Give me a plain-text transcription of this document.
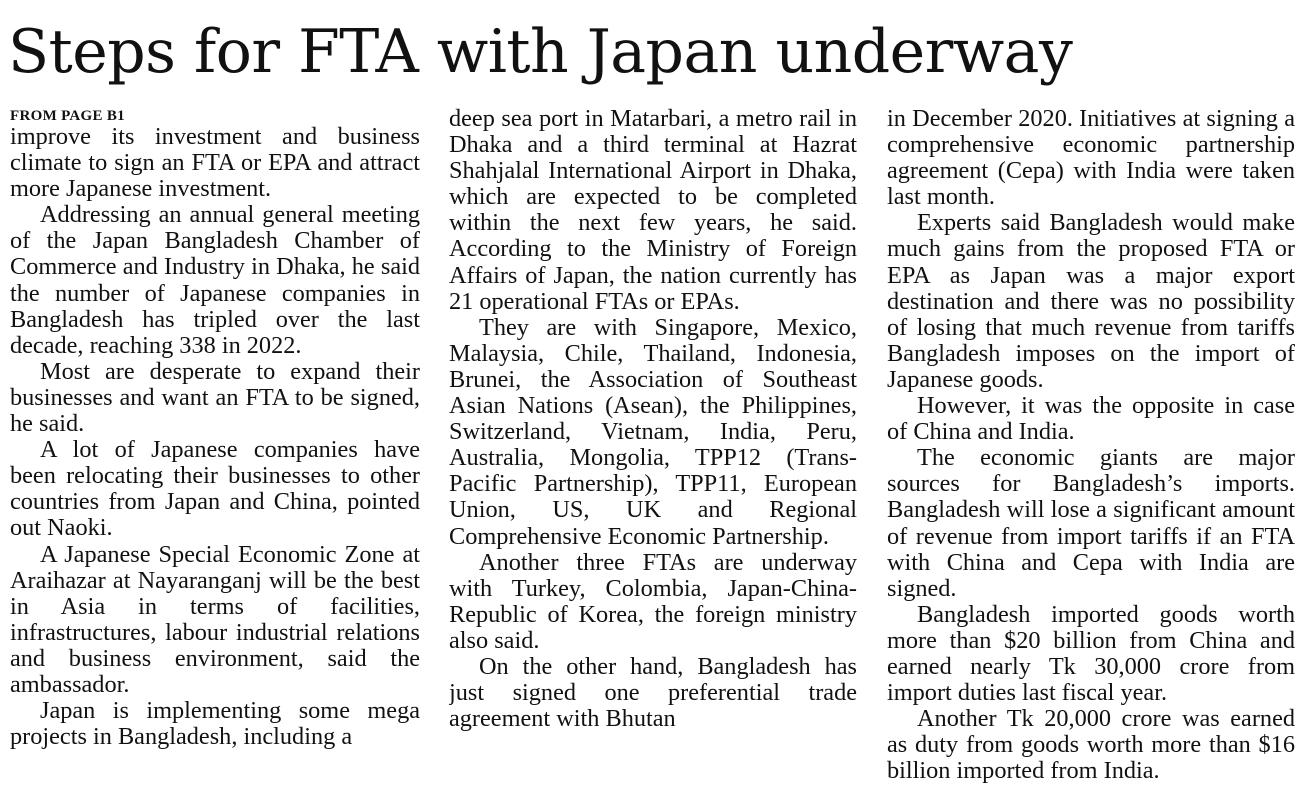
Steps for FTA with Japan underway
FROM PAGE B1

improve its investment and business climate to sign an FTA or EPA and attract more Japanese investment.

Addressing an annual general meeting of the Japan Bangladesh Chamber of Commerce and Industry in Dhaka, he said the number of Japanese companies in Bangladesh has tripled over the last decade, reaching 338 in 2022.

Most are desperate to expand their businesses and want an FTA to be signed, he said.

A lot of Japanese companies have been relocating their businesses to other countries from Japan and China, pointed out Naoki.

A Japanese Special Economic Zone at Araihazar at Nayaranganj will be the best in Asia in terms of facilities, infrastructures, labour industrial relations and business environment, said the ambassador.

Japan is implementing some mega projects in Bangladesh, including a

deep sea port in Matarbari, a metro rail in Dhaka and a third terminal at Hazrat Shahjalal International Airport in Dhaka, which are expected to be completed within the next few years, he said. According to the Ministry of Foreign Affairs of Japan, the nation currently has 21 operational FTAs or EPAs.

They are with Singapore, Mexico, Malaysia, Chile, Thailand, Indonesia, Brunei, the Association of Southeast Asian Nations (Asean), the Philippines, Switzerland, Vietnam, India, Peru, Australia, Mongolia, TPP12 (Trans-Pacific Partnership), TPP11, European Union, US, UK and Regional Comprehensive Economic Partnership.

Another three FTAs are underway with Turkey, Colombia, Japan-China-Republic of Korea, the foreign ministry also said.

On the other hand, Bangladesh has just signed one preferential trade agreement with Bhutan

in December 2020. Initiatives at signing a comprehensive economic partnership agreement (Cepa) with India were taken last month.

Experts said Bangladesh would make much gains from the proposed FTA or EPA as Japan was a major export destination and there was no possibility of losing that much revenue from tariffs Bangladesh imposes on the import of Japanese goods.

However, it was the opposite in case of China and India.

The economic giants are major sources for Bangladesh’s imports. Bangladesh will lose a significant amount of revenue from import tariffs if an FTA with China and Cepa with India are signed.

Bangladesh imported goods worth more than $20 billion from China and earned nearly Tk 30,000 crore from import duties last fiscal year.

Another Tk 20,000 crore was earned as duty from goods worth more than $16 billion imported from India.
